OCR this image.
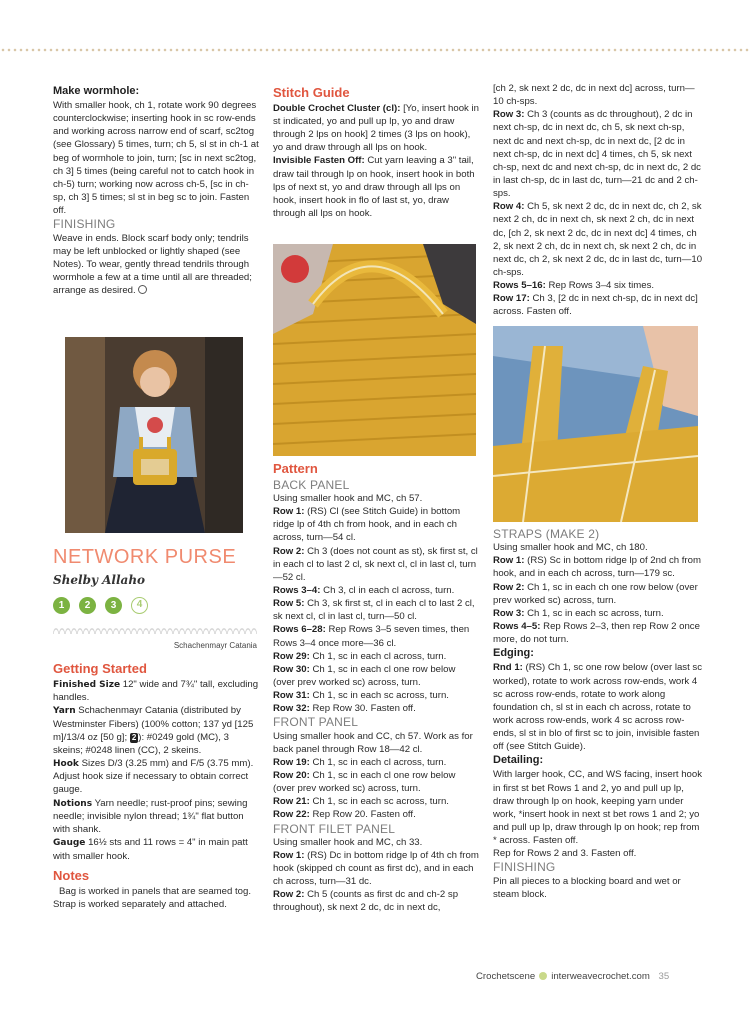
Make wormhole:

With smaller hook, ch 1, rotate work 90 degrees counterclockwise; inserting hook in sc row-ends and working across narrow end of scarf, sc2tog (see Glossary) 5 times, turn; ch 5, sl st in ch-1 at beg of wormhole to join, turn; [sc in next sc2tog, ch 3] 5 times (being careful not to catch hook in ch-5) turn; working now across ch-5, [sc in ch-sp, ch 3] 5 times; sl st in beg sc to join. Fasten off.

FINISHING

Weave in ends. Block scarf body only; tendrils may be left unblocked or lightly shaped (see Notes). To wear, gently thread tendrils through wormhole a few at a time until all are threaded; arrange as desired.

NETWORK PURSE
Shelby Allaho
1	2	3	4
Schachenmayr Catania
Getting Started

Finished Size 12" wide and 7¾" tall, excluding handles.

Yarn Schachenmayr Catania (distributed by Westminster Fibers) (100% cotton; 137 yd [125 m]/13/4 oz [50 g]; 2 ): #0249 gold (MC), 3 skeins; #0248 linen (CC), 2 skeins.

Hook Sizes D/3 (3.25 mm) and F/5 (3.75 mm). Adjust hook size if necessary to obtain correct gauge.

Notions Yarn needle; rust-proof pins; sewing needle; invisible nylon thread; 1¾" flat button with shank.

Gauge 16½ sts and 11 rows = 4" in main patt with smaller hook.

Notes

Bag is worked in panels that are seamed tog. Strap is worked separately and attached.

Stitch Guide

Double Crochet Cluster (cl): [Yo, insert hook in st indicated, yo and pull up lp, yo and draw through 2 lps on hook] 2 times (3 lps on hook), yo and draw through all lps on hook.

Invisible Fasten Off: Cut yarn leaving a 3" tail, draw tail through lp on hook, insert hook in both lps of next st, yo and draw through all lps on hook, insert hook in flo of last st, yo, draw through all lps on hook.

Pattern
BACK PANEL

Using smaller hook and MC, ch 57.

Row 1: (RS) Cl (see Stitch Guide) in bottom ridge lp of 4th ch from hook, and in each ch across, turn—54 cl.

Row 2: Ch 3 (does not count as st), sk first st, cl in each cl to last 2 cl, sk next cl, cl in last cl, turn—52 cl.

Rows 3–4: Ch 3, cl in each cl across, turn.

Row 5: Ch 3, sk first st, cl in each cl to last 2 cl, sk next cl, cl in last cl, turn—50 cl.

Rows 6–28: Rep Rows 3–5 seven times, then Rows 3–4 once more—36 cl.

Row 29: Ch 1, sc in each cl across, turn.

Row 30: Ch 1, sc in each cl one row below (over prev worked sc) across, turn.

Row 31: Ch 1, sc in each sc across, turn.

Row 32: Rep Row 30. Fasten off.

FRONT PANEL

Using smaller hook and CC, ch 57. Work as for back panel through Row 18—42 cl.

Row 19: Ch 1, sc in each cl across, turn.

Row 20: Ch 1, sc in each cl one row below (over prev worked sc) across, turn.

Row 21: Ch 1, sc in each sc across, turn.

Row 22: Rep Row 20. Fasten off.

FRONT FILET PANEL

Using smaller hook and MC, ch 33.

Row 1: (RS) Dc in bottom ridge lp of 4th ch from hook (skipped ch count as first dc), and in each ch across, turn—31 dc.

Row 2: Ch 5 (counts as first dc and ch-2 sp throughout), sk next 2 dc, dc in next dc,

[ch 2, sk next 2 dc, dc in next dc] across, turn—10 ch-sps.

Row 3: Ch 3 (counts as dc throughout), 2 dc in next ch-sp, dc in next dc, ch 5, sk next ch-sp, next dc and next ch-sp, dc in next dc, [2 dc in next ch-sp, dc in next dc] 4 times, ch 5, sk next ch-sp, next dc and next ch-sp, dc in next dc, 2 dc in last ch-sp, dc in last dc, turn—21 dc and 2 ch-sps.

Row 4: Ch 5, sk next 2 dc, dc in next dc, ch 2, sk next 2 ch, dc in next ch, sk next 2 ch, dc in next dc, [ch 2, sk next 2 dc, dc in next dc] 4 times, ch 2, sk next 2 ch, dc in next ch, sk next 2 ch, dc in next dc, ch 2, sk next 2 dc, dc in last dc, turn—10 ch-sps.

Rows 5–16: Rep Rows 3–4 six times.

Row 17: Ch 3, [2 dc in next ch-sp, dc in next dc] across. Fasten off.

STRAPS (MAKE 2)

Using smaller hook and MC, ch 180.

Row 1: (RS) Sc in bottom ridge lp of 2nd ch from hook, and in each ch across, turn—179 sc.

Row 2: Ch 1, sc in each ch one row below (over prev worked sc) across, turn.

Row 3: Ch 1, sc in each sc across, turn.

Rows 4–5: Rep Rows 2–3, then rep Row 2 once more, do not turn.

Edging:

Rnd 1: (RS) Ch 1, sc one row below (over last sc worked), rotate to work across row-ends, work 4 sc across row-ends, rotate to work along foundation ch, sl st in each ch across, rotate to work across row-ends, work 4 sc across row-ends, sl st in blo of first sc to join, invisible fasten off (see Stitch Guide).

Detailing:

With larger hook, CC, and WS facing, insert hook in first st bet Rows 1 and 2, yo and pull up lp, draw through lp on hook, keeping yarn under work, *insert hook in next st bet rows 1 and 2; yo and pull up lp, draw through lp on hook; rep from * across. Fasten off.

Rep for Rows 2 and 3. Fasten off.

FINISHING

Pin all pieces to a blocking board and wet or steam block.

Crochetscene interweavecrochet.com 35
